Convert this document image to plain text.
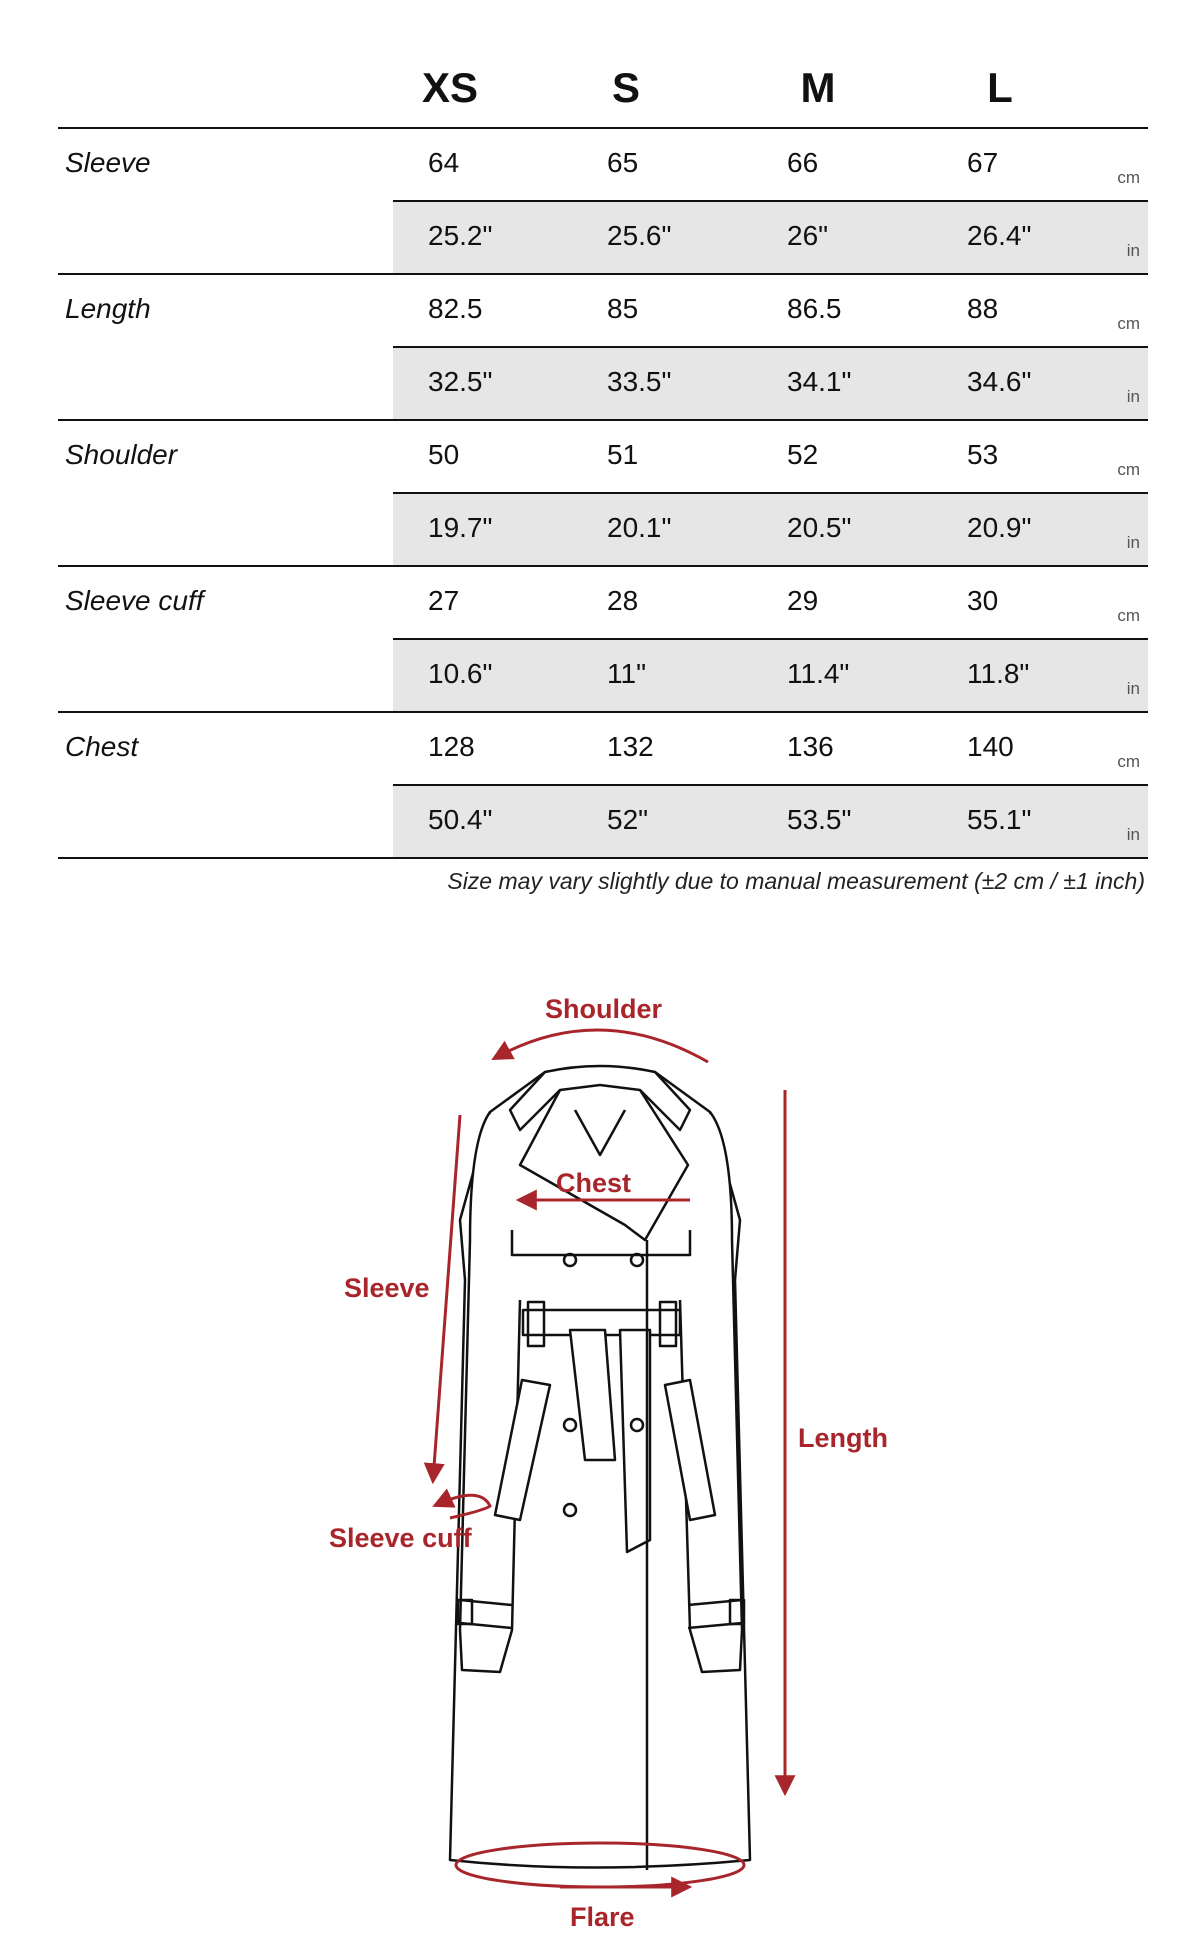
XS	S	M	L
Sleeve	64	65	66	67	cm
25.2"	25.6"	26"	26.4"	in
Length	82.5	85	86.5	88	cm
32.5"	33.5"	34.1"	34.6"	in
Shoulder	50	51	52	53	cm
19.7"	20.1"	20.5"	20.9"	in
Sleeve cuff	27	28	29	30	cm
10.6"	11"	11.4"	11.8"	in
Chest	128	132	136	140	cm
50.4"	52"	53.5"	55.1"	in
Size may vary slightly due to manual measurement (±2 cm / ±1 inch)
Shoulder
Chest
Sleeve
Length
Sleeve cuff
Flare
